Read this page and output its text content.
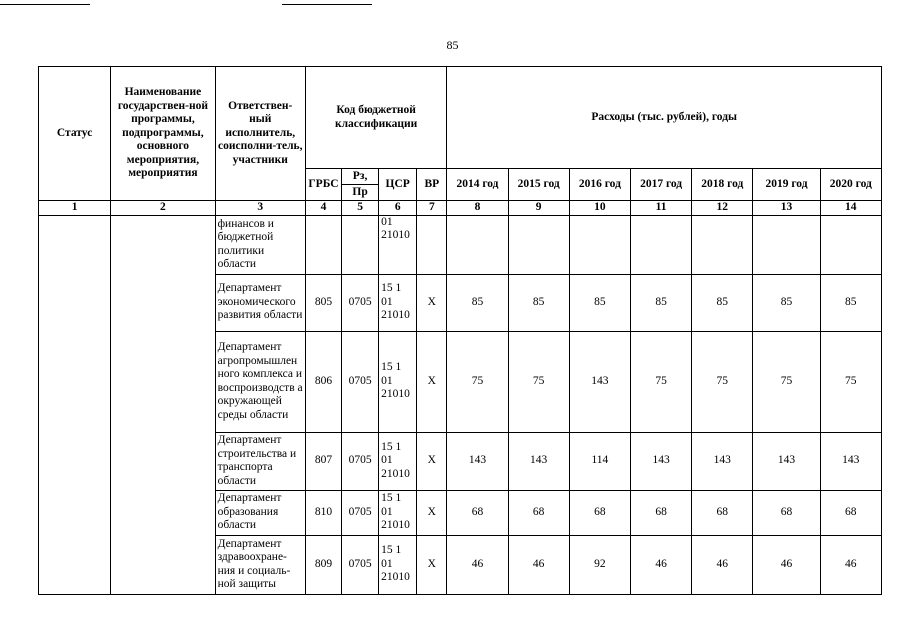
85
Статус	Наименование государствен-ной программы, подпрограммы, основного мероприятия, мероприятия	Ответствен-ный исполнитель, соисполни-тель, участники	Код бюджетной классификации				Расходы (тыс. рублей), годы						
			ГРБС	Рз,	ЦСР	ВР	2014 год	2015 год	2016 год	2017 год	2018 год	2019 год	2020 год
				Пр									
1	2	3	4	5	6	7	8	9	10	11	12	13	14
		финансов и бюджетной политики области			01 21010								
		Департамент экономического развития области	805	0705	15 1 01 21010	Х	85	85	85	85	85	85	85
		Департамент агропромышлен ного комплекса и воспроизводств а окружающей среды области	806	0705	15 1 01 21010	Х	75	75	143	75	75	75	75
		Департамент строительства и транспорта области	807	0705	15 1 01 21010	Х	143	143	114	143	143	143	143
		Департамент образования области	810	0705	15 1 01 21010	Х	68	68	68	68	68	68	68
		Департамент здравоохране-ния и социаль-ной защиты	809	0705	15 1 01 21010	Х	46	46	92	46	46	46	46
